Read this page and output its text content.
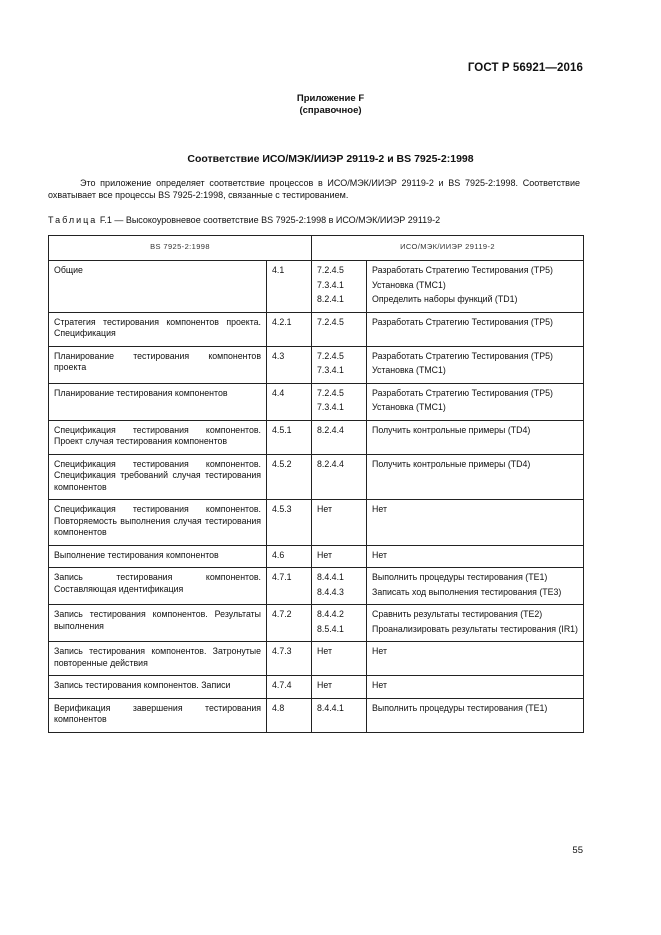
ГОСТ Р 56921—2016
Приложение F
(справочное)
Соответствие ИСО/МЭК/ИИЭР 29119-2 и BS 7925-2:1998

Это приложение определяет соответствие процессов в ИСО/МЭК/ИИЭР 29119-2 и BS 7925-2:1998. Соответствие охватывает все процессы BS 7925-2:1998, связанные с тестированием.

Таблица F.1 — Высокоуровневое соответствие BS 7925-2:1998 в ИСО/МЭК/ИИЭР 29119-2
BS 7925-2:1998		ИСО/МЭК/ИИЭР 29119-2	
Общие	4.1	7.2.4.5
7.3.4.1
8.2.4.1	Разработать Стратегию Тестирования (TP5)
Установка (TMC1)
Определить наборы функций (TD1)

Стратегия тестирования компонентов проекта. Спецификация	4.2.1	7.2.4.5	Разработать Стратегию Тестирования (TP5)

Планирование тестирования компонентов проекта	4.3	7.2.4.5
7.3.4.1	Разработать Стратегию Тестирования (TP5)
Установка (TMC1)

Планирование тестирования компонентов	4.4	7.2.4.5
7.3.4.1	Разработать Стратегию Тестирования (TP5)
Установка (TMC1)

Спецификация тестирования компонентов. Проект случая тестирования компонентов	4.5.1	8.2.4.4	Получить контрольные примеры (TD4)

Спецификация тестирования компонентов. Спецификация требований случая тестирования компонентов	4.5.2	8.2.4.4	Получить контрольные примеры (TD4)

Спецификация тестирования компонентов. Повторяемость выполнения случая тестирования компонентов	4.5.3	Нет	Нет

Выполнение тестирования компонентов	4.6	Нет	Нет

Запись тестирования компонентов. Составляющая идентификация	4.7.1	8.4.4.1
8.4.4.3	Выполнить процедуры тестирования (TE1)
Записать ход выполнения тестирования (TE3)

Запись тестирования компонентов. Результаты выполнения	4.7.2	8.4.4.2
8.5.4.1	Сравнить результаты тестирования (TE2)
Проанализировать результаты тестирования (IR1)

Запись тестирования компонентов. Затронутые повторенные действия	4.7.3	Нет	Нет

Запись тестирования компонентов. Записи	4.7.4	Нет	Нет

Верификация завершения тестирования компонентов	4.8	8.4.4.1	Выполнить процедуры тестирования (TE1)
55
